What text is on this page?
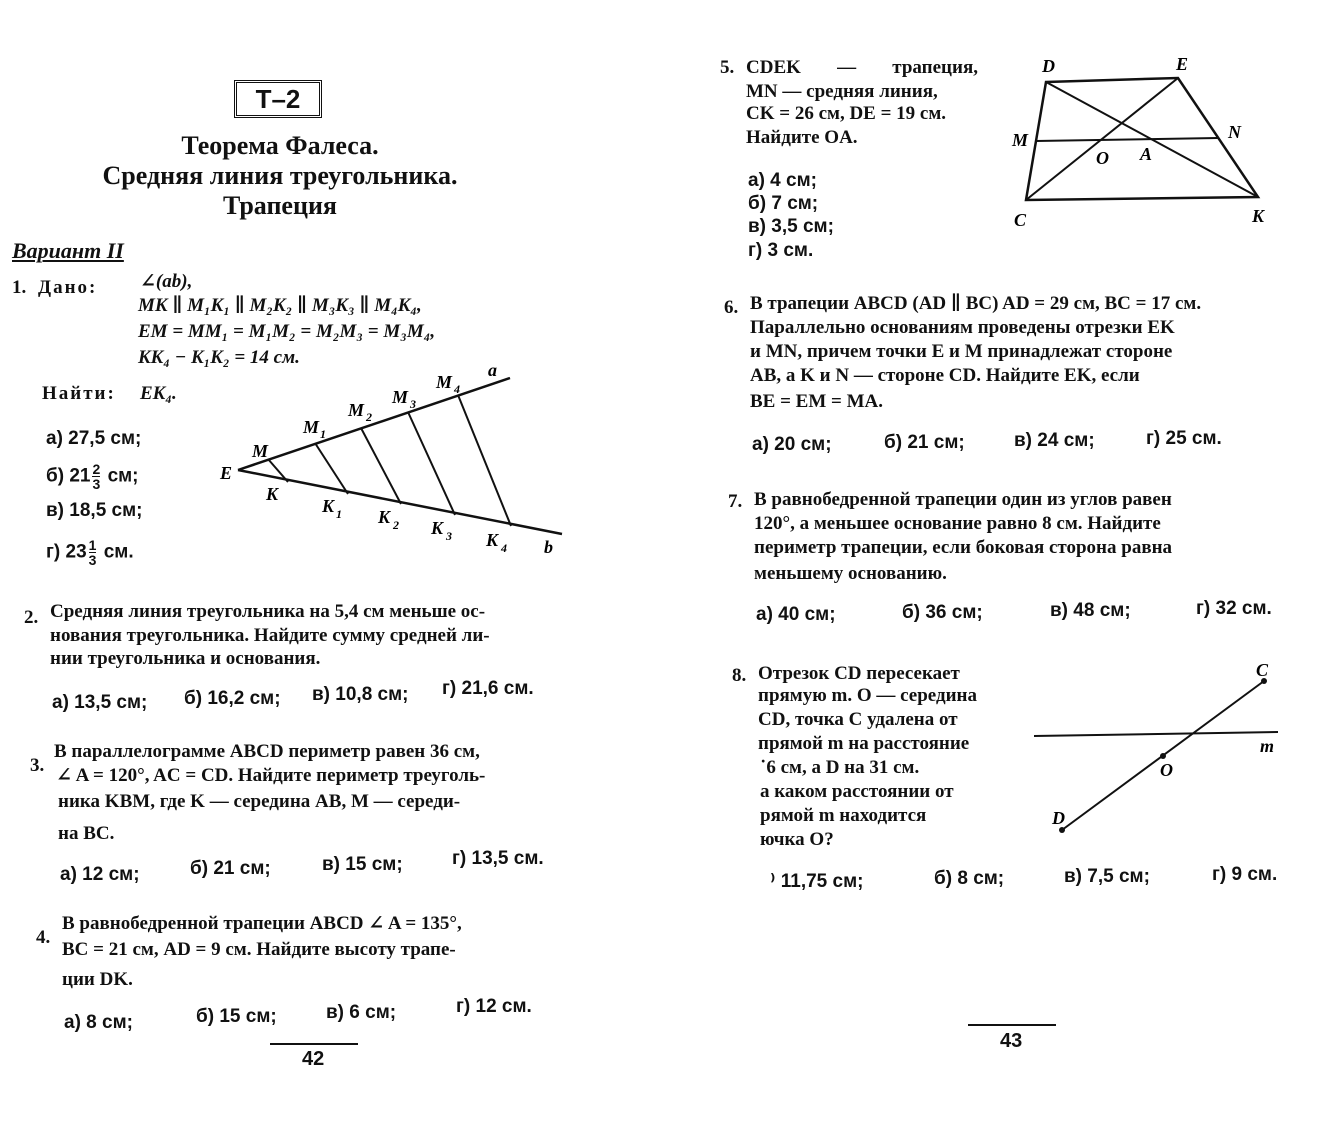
Т–2
Теорема Фалеса.
Средняя линия треугольника.
Трапеция
Вариант II
1. Дано: ∠(ab),
MK ∥ M₁K₁ ∥ M₂K₂ ∥ M₃K₃ ∥ M₄K₄,
EM = MM₁ = M₁M₂ = M₂M₃ = M₃M₄,
KK₄ − K₁K₂ = 14 см.
Найти: EK₄.
а) 27,5 см;
б) $21 \frac{2}{3}$ см;
в) 18,5 см;
г) $23 \frac{1}{3}$ см.
E
a
b
M
M 1
M 2
M 3
M 4
K
K 1 K 2 K 3 K 4
2. Средняя линия треугольника на 5,4 см меньше ос-
нования треугольника. Найдите сумму средней ли-
нии треугольника и основания.
а) 13,5 см; б) 16,2 см; в) 10,8 см; г) 21,6 см.
3.
В параллелограмме ABCD периметр равен 36 см,
∠ A = 120°, AC = CD. Найдите периметр треуголь-
ника KBM, где K — середина AB, M — середи-
на BC.
а) 12 см;	б) 21 см;	в) 15 см;	г) 13,5 см.
4.
В равнобедренной трапеции ABCD ∠ A = 135°,
BC = 21 см, AD = 9 см. Найдите высоту трапе-
ции DK.
а) 8 см;	б) 15 см;	в) 6 см;	г) 12 см.
42
5. CDEK — трапеция,
MN — средняя линия,
CK = 26 см, DE = 19 см.
Найдите OA.
а) 4 см;
б) 7 см;
в) 3,5 см;
г) 3 см.
D	E
M	N
O A
C	K
6. В трапеции ABCD (AD ∥ BC) AD = 29 см, BC = 17 см.
Параллельно основаниям проведены отрезки EK
и MN, причем точки E и M принадлежат стороне
AB, а K и N — стороне CD. Найдите EK, если
BE = EM = MA.
а) 20 см;	б) 21 см;	в) 24 см;	г) 25 см.
7. В равнобедренной трапеции один из углов равен
120°, а меньшее основание равно 8 см. Найдите
периметр трапеции, если боковая сторона равна
меньшему основанию.
а) 40 см;	б) 36 см;	в) 48 см;	г) 32 см.
8. Отрезок CD пересекает
прямую m. O — середина
CD, точка C удалена от
прямой m на расстояние
˙6 см, а D на 31 см.
а каком расстоянии от
рямой m находится
ючка O?
⁾ 11,75 см;	б) 8 см;	в) 7,5 см;	г) 9 см.
C
D
O
m
43
